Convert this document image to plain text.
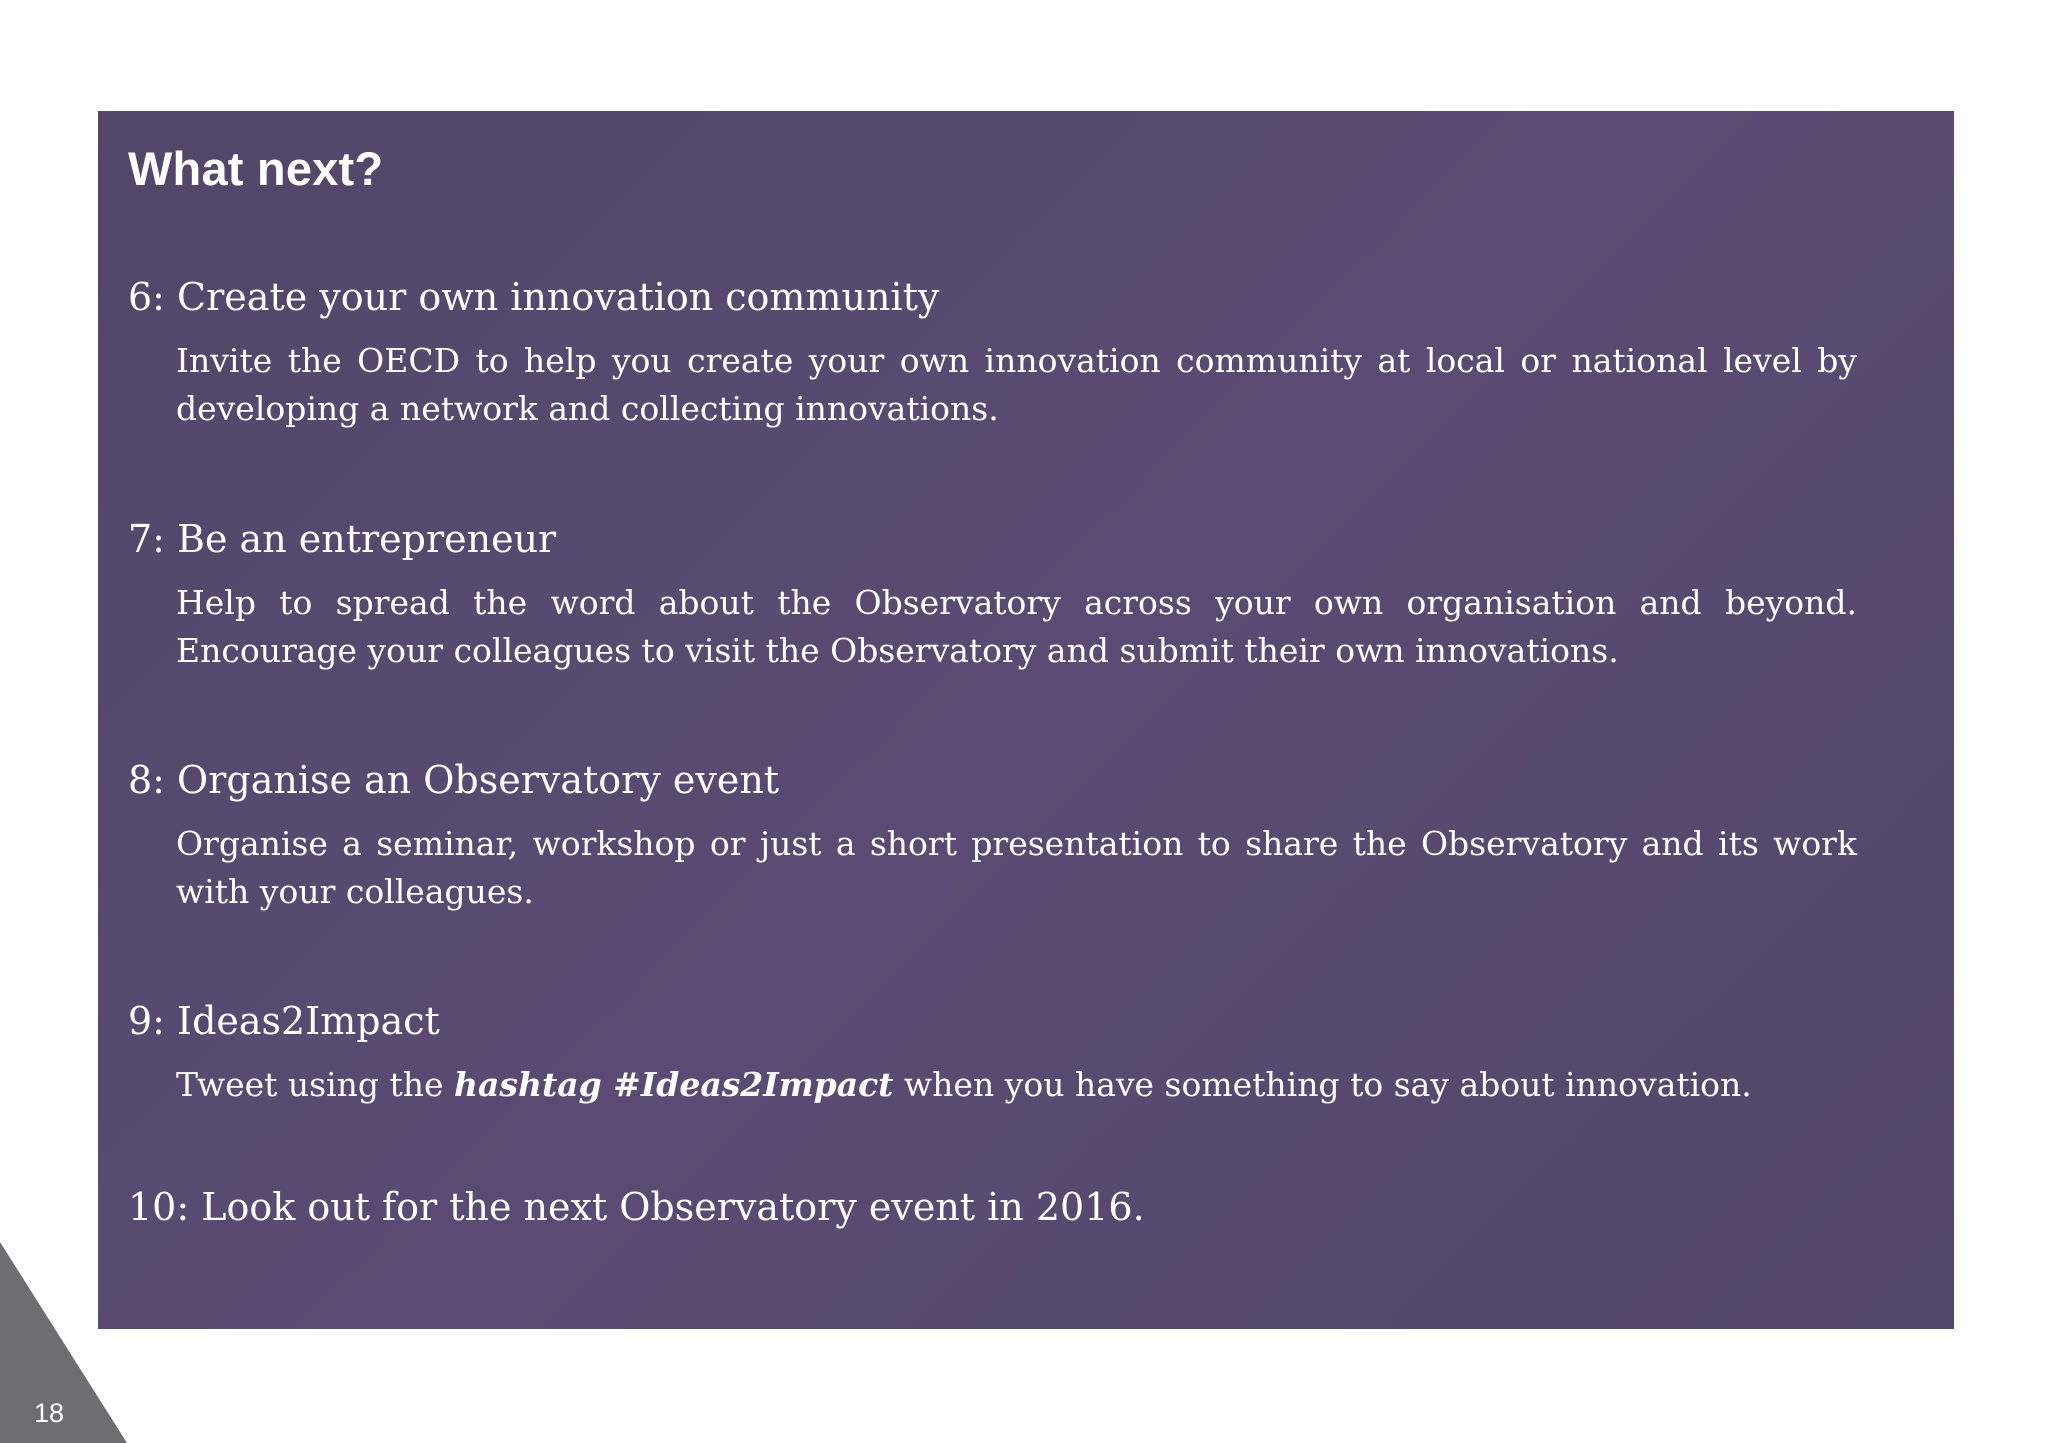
What next?
6: Create your own innovation community

Invite the OECD to help you create your own innovation community at local or national level by developing a network and collecting innovations.

7: Be an entrepreneur

Help to spread the word about the Observatory across your own organisation and beyond. Encourage your colleagues to visit the Observatory and submit their own innovations.

8: Organise an Observatory event

Organise a seminar, workshop or just a short presentation to share the Observatory and its work with your colleagues.

9: Ideas2Impact

Tweet using the hashtag #Ideas2Impact when you have something to say about innovation.

10: Look out for the next Observatory event in 2016.
18
